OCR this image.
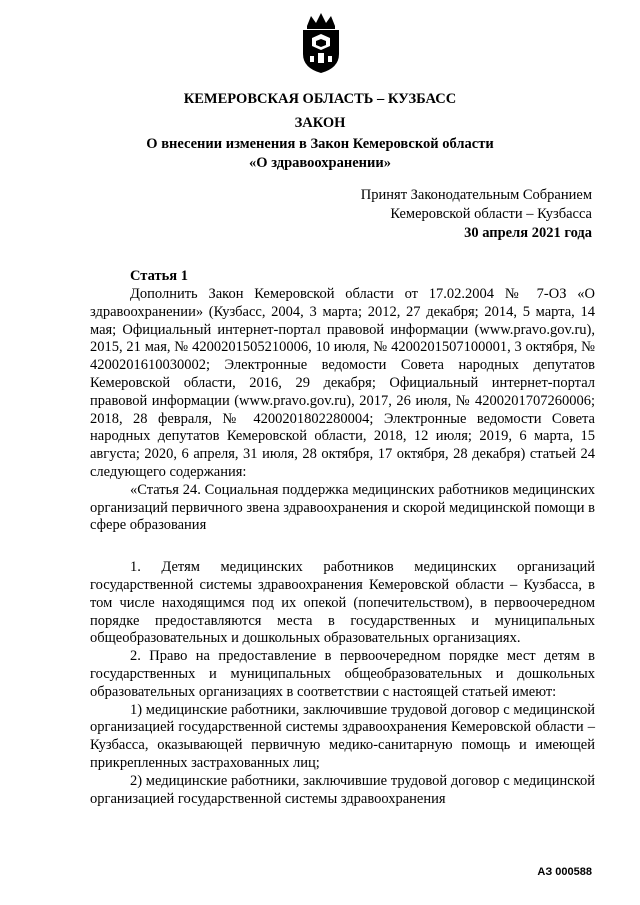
КЕМЕРОВСКАЯ ОБЛАСТЬ – КУЗБАСС
ЗАКОН
О внесении изменения в Закон Кемеровской области
«О здравоохранении»
Принят Законодательным Собранием
Кемеровской области – Кузбасса
30 апреля 2021 года
Статья 1

Дополнить Закон Кемеровской области от 17.02.2004 № 7-ОЗ «О здравоохранении» (Кузбасс, 2004, 3 марта; 2012, 27 декабря; 2014, 5 марта, 14 мая; Официальный интернет-портал правовой информации (www.pravo.gov.ru), 2015, 21 мая, № 4200201505210006, 10 июля, № 4200201507100001, 3 октября, № 4200201610030002; Электронные ведомости Совета народных депутатов Кемеровской области, 2016, 29 декабря; Официальный интернет-портал правовой информации (www.pravo.gov.ru), 2017, 26 июля, № 4200201707260006; 2018, 28 февраля, № 4200201802280004; Электронные ведомости Совета народных депутатов Кемеровской области, 2018, 12 июля; 2019, 6 марта, 15 августа; 2020, 6 апреля, 31 июля, 28 октября, 17 октября, 28 декабря) статьей 24 следующего содержания:

«Статья 24. Социальная поддержка медицинских работников медицинских организаций первичного звена здравоохранения и скорой медицинской помощи в сфере образования

1. Детям медицинских работников медицинских организаций государственной системы здравоохранения Кемеровской области – Кузбасса, в том числе находящимся под их опекой (попечительством), в первоочередном порядке предоставляются места в государственных и муниципальных общеобразовательных и дошкольных образовательных организациях.

2. Право на предоставление в первоочередном порядке мест детям в государственных и муниципальных общеобразовательных и дошкольных образовательных организациях в соответствии с настоящей статьей имеют:

1) медицинские работники, заключившие трудовой договор с медицинской организацией государственной системы здравоохранения Кемеровской области – Кузбасса, оказывающей первичную медико-санитарную помощь и имеющей прикрепленных застрахованных лиц;

2) медицинские работники, заключившие трудовой договор с медицинской организацией государственной системы здравоохранения

АЗ 000588
